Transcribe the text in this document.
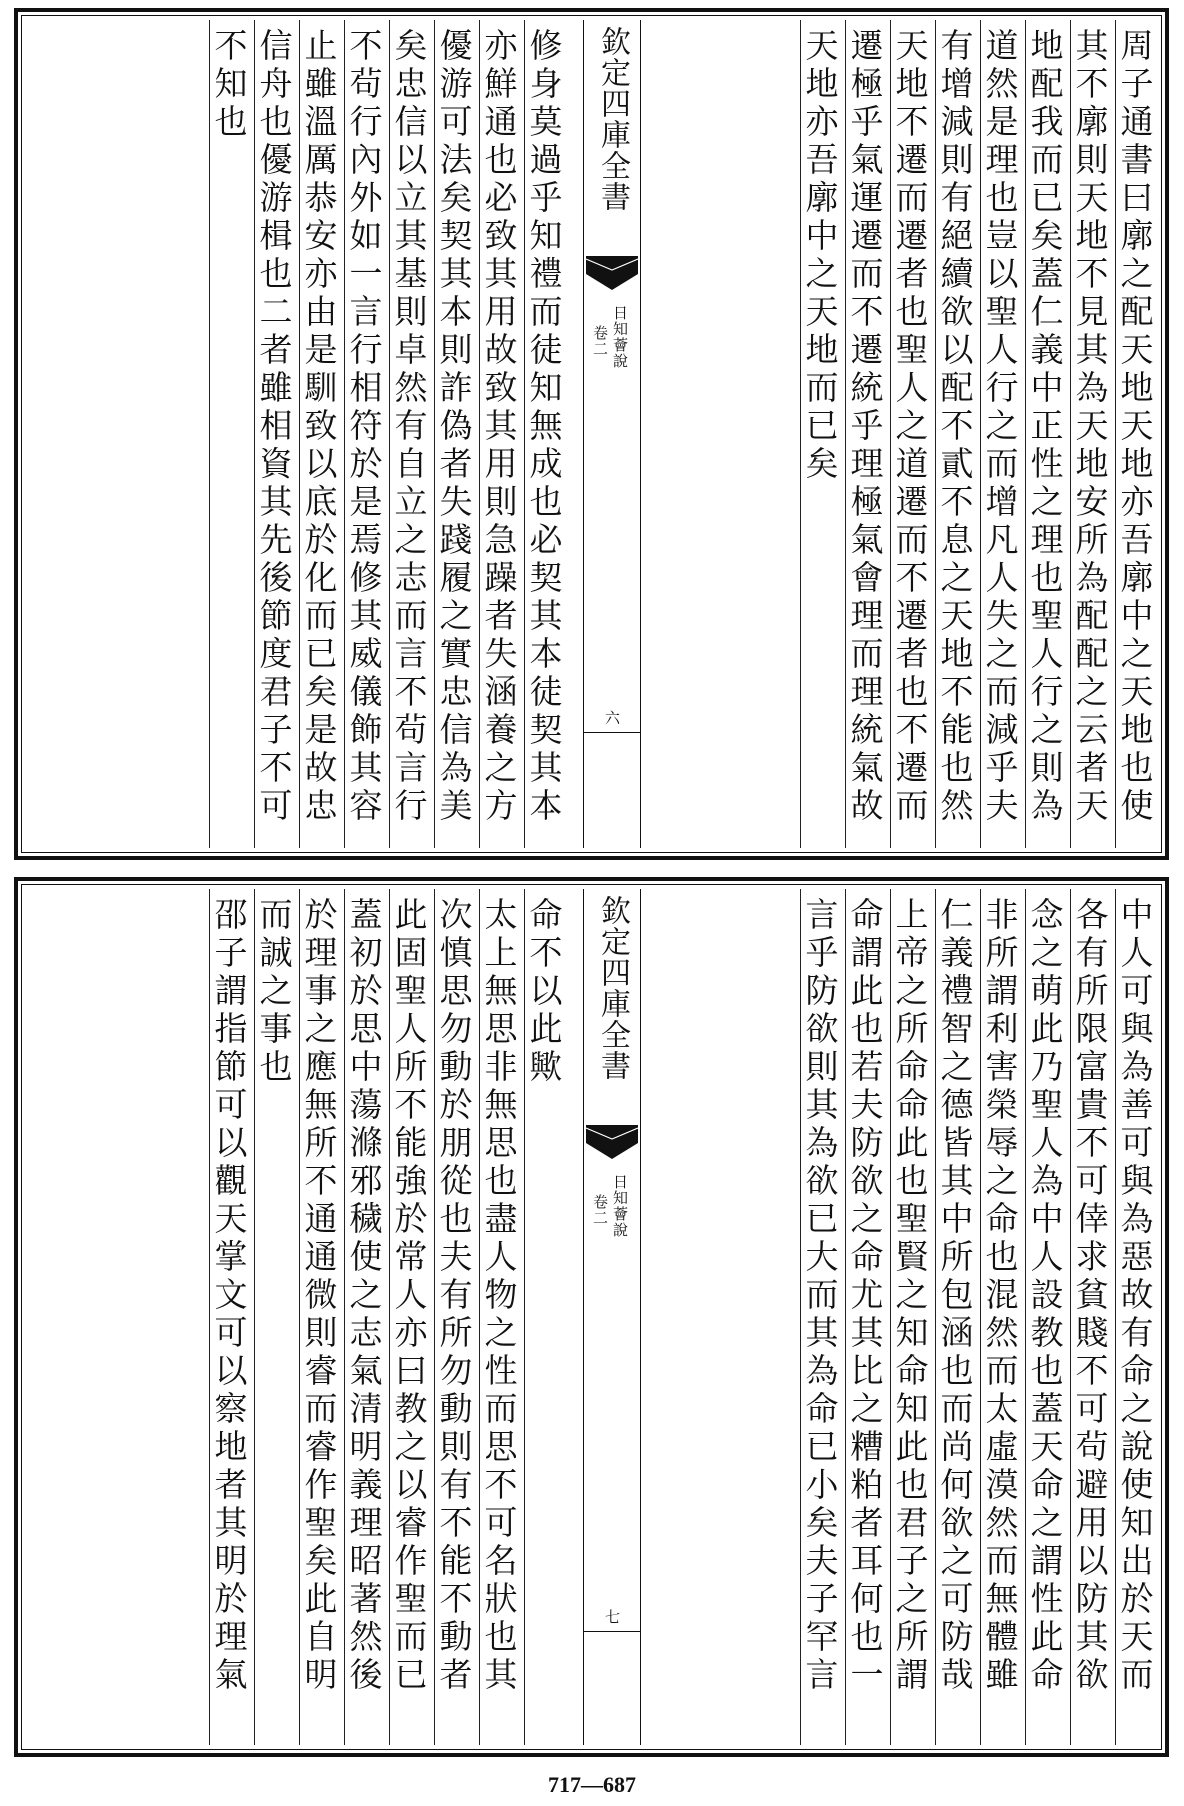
周子通書曰廓之配天地天地亦吾廓中之天地也使
其不廓則天地不見其為天地安所為配配之云者天
地配我而已矣蓋仁義中正性之理也聖人行之則為
道然是理也豈以聖人行之而增凡人失之而減乎夫
有增減則有絕續欲以配不貳不息之天地不能也然
天地不遷而遷者也聖人之道遷而不遷者也不遷而
遷極乎氣運遷而不遷統乎理極氣會理而理統氣故
天地亦吾廓中之天地而已矣
欽定四庫全書
日知薈說
卷二
六
修身莫過乎知禮而徒知無成也必契其本徒契其本
亦鮮通也必致其用故致其用則急躁者失涵養之方
優游可法矣契其本則詐偽者失踐履之實忠信為美
矣忠信以立其基則卓然有自立之志而言不茍言行
不茍行內外如一言行相符於是焉修其威儀飾其容
止雖溫厲恭安亦由是馴致以底於化而已矣是故忠
信舟也優游楫也二者雖相資其先後節度君子不可
不知也
中人可與為善可與為惡故有命之說使知出於天而
各有所限富貴不可倖求貧賤不可茍避用以防其欲
念之萌此乃聖人為中人設教也蓋天命之謂性此命
非所謂利害榮辱之命也混然而太虛漠然而無體雖
仁義禮智之德皆其中所包涵也而尚何欲之可防哉
上帝之所命命此也聖賢之知命知此也君子之所謂
命謂此也若夫防欲之命尤其比之糟粕者耳何也一
言乎防欲則其為欲已大而其為命已小矣夫子罕言
欽定四庫全書
日知薈說
卷二
七
命不以此歟
太上無思非無思也盡人物之性而思不可名狀也其
次慎思勿動於朋從也夫有所勿動則有不能不動者
此固聖人所不能強於常人亦曰教之以睿作聖而已
蓋初於思中蕩滌邪穢使之志氣清明義理昭著然後
於理事之應無所不通通微則睿而睿作聖矣此自明
而誠之事也
邵子謂指節可以觀天掌文可以察地者其明於理氣
717—687
